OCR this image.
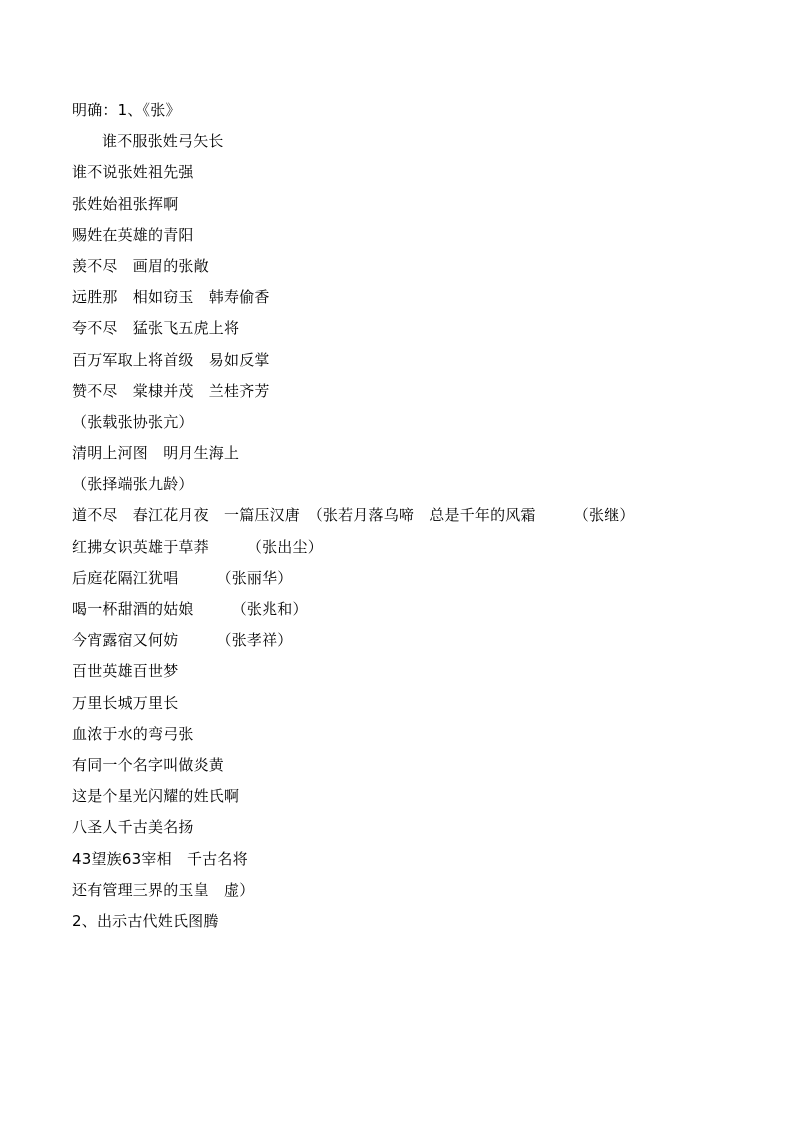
明确：1、《张》
谁不服张姓弓矢长
谁不说张姓祖先强
张姓始祖张挥啊
赐姓在英雄的青阳
羡不尽　画眉的张敞
远胜那　相如窃玉　韩寿偷香
夸不尽　猛张飞五虎上将
百万军取上将首级　易如反掌
赞不尽　棠棣并茂　兰桂齐芳
（张载张协张亢）
清明上河图　明月生海上
（张择端张九龄）
道不尽　春江花月夜　一篇压汉唐　（张若月落乌啼　总是千年的风霜　　　（张继）
红拂女识英雄于草莽　　　（张出尘）
后庭花隔江犹唱　　　（张丽华）
喝一杯甜酒的姑娘　　　（张兆和）
今宵露宿又何妨　　　（张孝祥）
百世英雄百世梦
万里长城万里长
血浓于水的弯弓张
有同一个名字叫做炎黄
这是个星光闪耀的姓氏啊
八圣人千古美名扬
43望族63宰相　千古名将
还有管理三界的玉皇　虚）
2、出示古代姓氏图腾
